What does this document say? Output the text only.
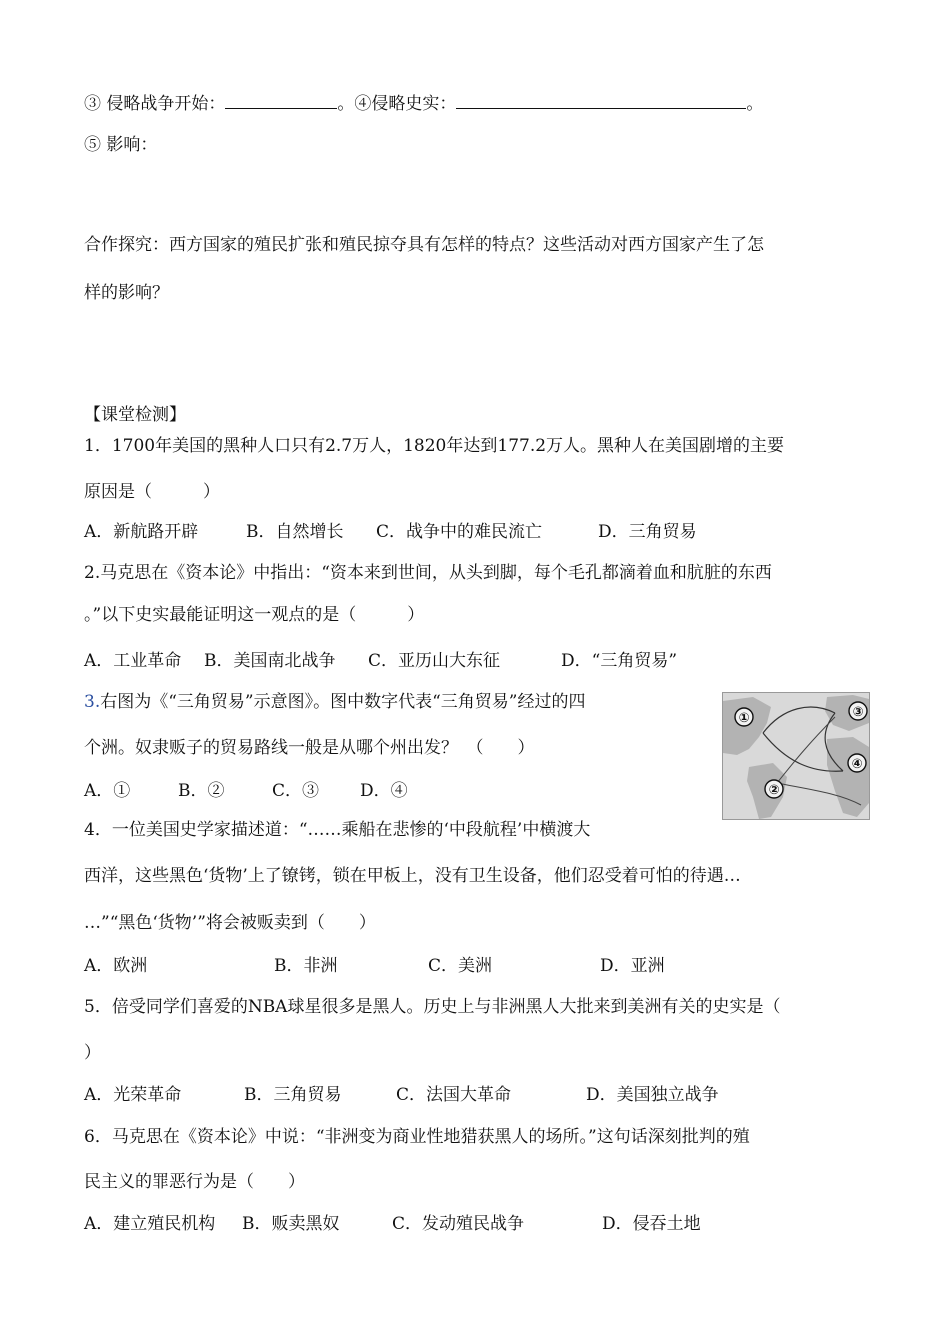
③ 侵略战争开始：	。④侵略史实：	。
⑤ 影响：
合作探究：西方国家的殖民扩张和殖民掠夺具有怎样的特点？这些活动对西方国家产生了怎
样的影响？
【课堂检测】
1．1700年美国的黑种人口只有2.7万人，1820年达到177.2万人。黑种人在美国剧增的主要
原因是（　　　）
A．新航路开辟	B．自然增长 C．战争中的难民流亡	D．三角贸易
2.马克思在《资本论》中指出：“资本来到世间，从头到脚，每个毛孔都滴着血和肮脏的东西
。”以下史实最能证明这一观点的是（　　　）
A．工业革命 B．美国南北战争 C．亚历山大东征	D．“三角贸易”
3.右图为《“三角贸易”示意图》。图中数字代表“三角贸易”经过的四
个洲。奴隶贩子的贸易路线一般是从哪个州出发？　（　　）
A．①	B．②	C．③ D．④
①
②
③
④
4．一位美国史学家描述道：“……乘船在悲惨的‘中段航程’中横渡大
西洋，这些黑色‘货物’上了镣铐，锁在甲板上，没有卫生设备，他们忍受着可怕的待遇…
…”“黑色‘货物’”将会被贩卖到（　　）
A．欧洲	B．非洲	C．美洲	D．亚洲
5．倍受同学们喜爱的NBA球星很多是黑人。历史上与非洲黑人大批来到美洲有关的史实是（
）
A．光荣革命	B．三角贸易	C．法国大革命	D．美国独立战争
6．马克思在《资本论》中说：“非洲变为商业性地猎获黑人的场所。”这句话深刻批判的殖
民主义的罪恶行为是（　　）
A．建立殖民机构 B．贩卖黑奴	C．发动殖民战争	D．侵吞土地
